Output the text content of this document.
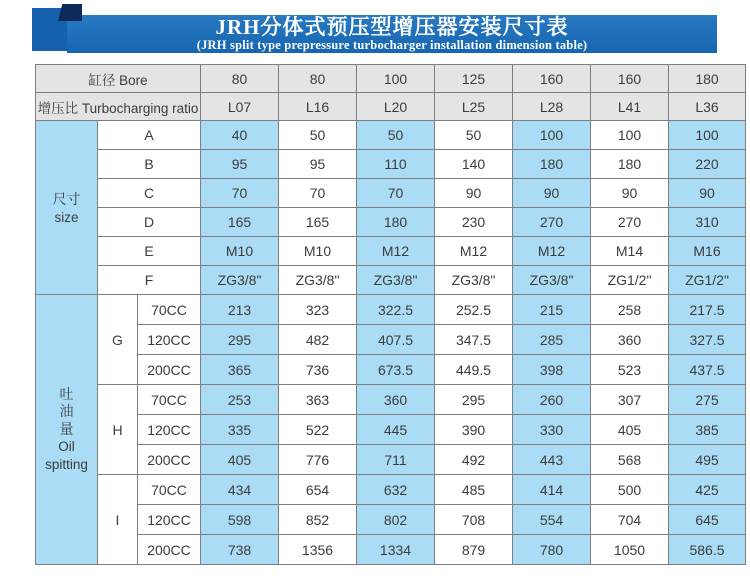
JRH分体式预压型增压器安装尺寸表
(JRH split type prepressure turbocharger installation dimension table)
缸径 Bore			80	80	100	125	160	160	180
增压比 Turbocharging ratio			L07	L16	L20	L25	L28	L41	L36

尺寸
size	A		40	50	50	50	100	100	100
	B		95	95	110	140	180	180	220
	C		70	70	70	90	90	90	90
	D		165	165	180	230	270	270	310
	E		M10	M10	M12	M12	M12	M14	M16
	F		ZG3/8"	ZG3/8"	ZG3/8"	ZG3/8"	ZG3/8"	ZG1/2"	ZG1/2"

吐油量
Oil
spitting	G	70CC	213	323	322.5	252.5	215	258	217.5
		120CC	295	482	407.5	347.5	285	360	327.5
		200CC	365	736	673.5	449.5	398	523	437.5
	H	70CC	253	363	360	295	260	307	275
		120CC	335	522	445	390	330	405	385
		200CC	405	776	711	492	443	568	495
	I	70CC	434	654	632	485	414	500	425
		120CC	598	852	802	708	554	704	645
		200CC	738	1356	1334	879	780	1050	586.5
